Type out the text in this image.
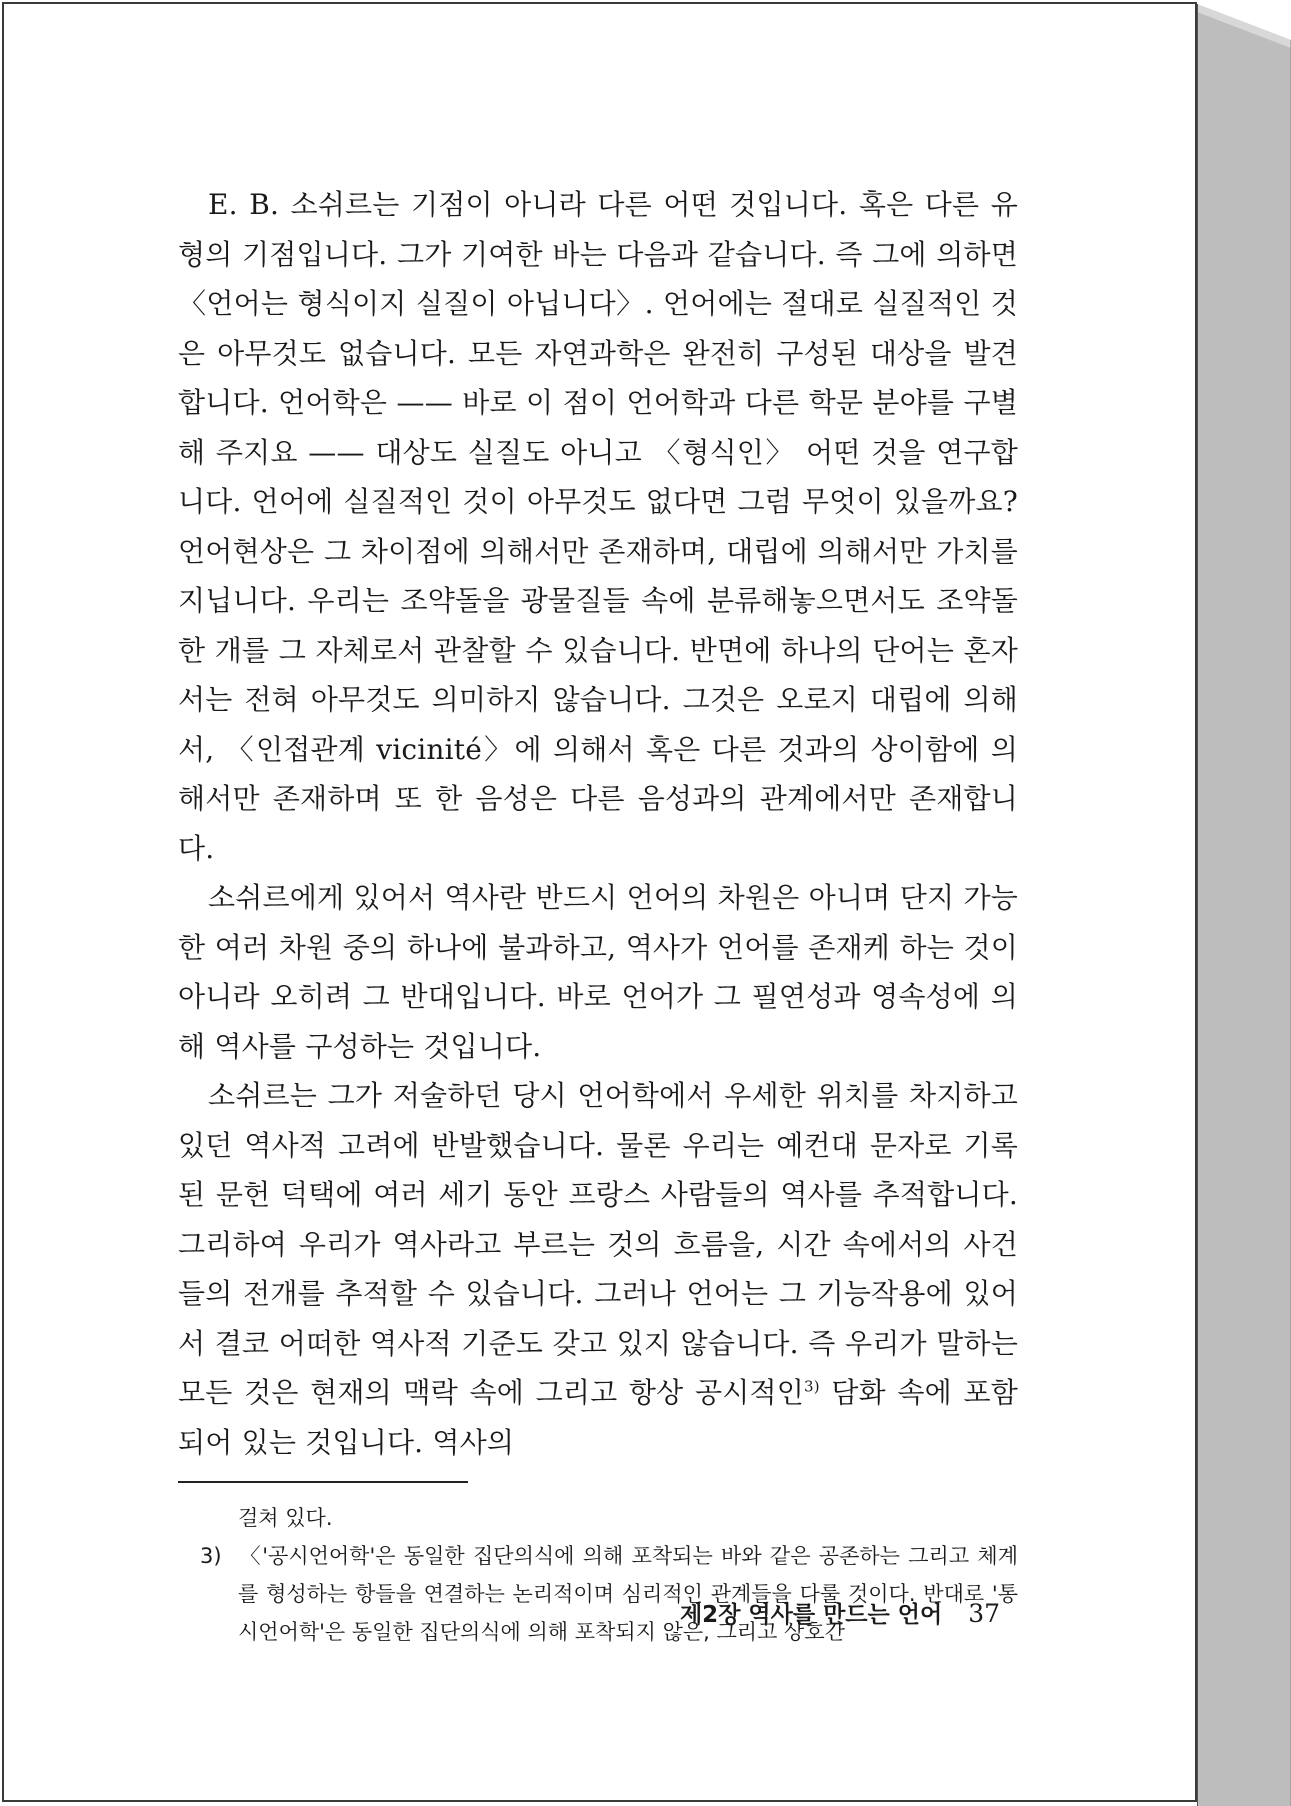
E. B. 소쉬르는 기점이 아니라 다른 어떤 것입니다. 혹은 다른 유형의 기점입니다. 그가 기여한 바는 다음과 같습니다. 즉 그에 의하면 〈언어는 형식이지 실질이 아닙니다〉. 언어에는 절대로 실질적인 것은 아무것도 없습니다. 모든 자연과학은 완전히 구성된 대상을 발견합니다. 언어학은 —— 바로 이 점이 언어학과 다른 학문 분야를 구별해 주지요 —— 대상도 실질도 아니고 〈형식인〉 어떤 것을 연구합니다. 언어에 실질적인 것이 아무것도 없다면 그럼 무엇이 있을까요? 언어현상은 그 차이점에 의해서만 존재하며, 대립에 의해서만 가치를 지닙니다. 우리는 조약돌을 광물질들 속에 분류해놓으면서도 조약돌 한 개를 그 자체로서 관찰할 수 있습니다. 반면에 하나의 단어는 혼자서는 전혀 아무것도 의미하지 않습니다. 그것은 오로지 대립에 의해서, 〈인접관계 vicinité〉에 의해서 혹은 다른 것과의 상이함에 의해서만 존재하며 또 한 음성은 다른 음성과의 관계에서만 존재합니다.

소쉬르에게 있어서 역사란 반드시 언어의 차원은 아니며 단지 가능한 여러 차원 중의 하나에 불과하고, 역사가 언어를 존재케 하는 것이 아니라 오히려 그 반대입니다. 바로 언어가 그 필연성과 영속성에 의해 역사를 구성하는 것입니다.

소쉬르는 그가 저술하던 당시 언어학에서 우세한 위치를 차지하고 있던 역사적 고려에 반발했습니다. 물론 우리는 예컨대 문자로 기록된 문헌 덕택에 여러 세기 동안 프랑스 사람들의 역사를 추적합니다. 그리하여 우리가 역사라고 부르는 것의 흐름을, 시간 속에서의 사건들의 전개를 추적할 수 있습니다. 그러나 언어는 그 기능작용에 있어서 결코 어떠한 역사적 기준도 갖고 있지 않습니다. 즉 우리가 말하는 모든 것은 현재의 맥락 속에 그리고 항상 공시적인$^{3)}$ 담화 속에 포함되어 있는 것입니다. 역사의

걸쳐 있다.

3) 〈'공시언어학'은 동일한 집단의식에 의해 포착되는 바와 같은 공존하는 그리고 체계를 형성하는 항들을 연결하는 논리적이며 심리적인 관계들을 다룰 것이다. 반대로 '통시언어학'은 동일한 집단의식에 의해 포착되지 않은, 그리고 상호간

제2장 역사를 만드는 언어 37
